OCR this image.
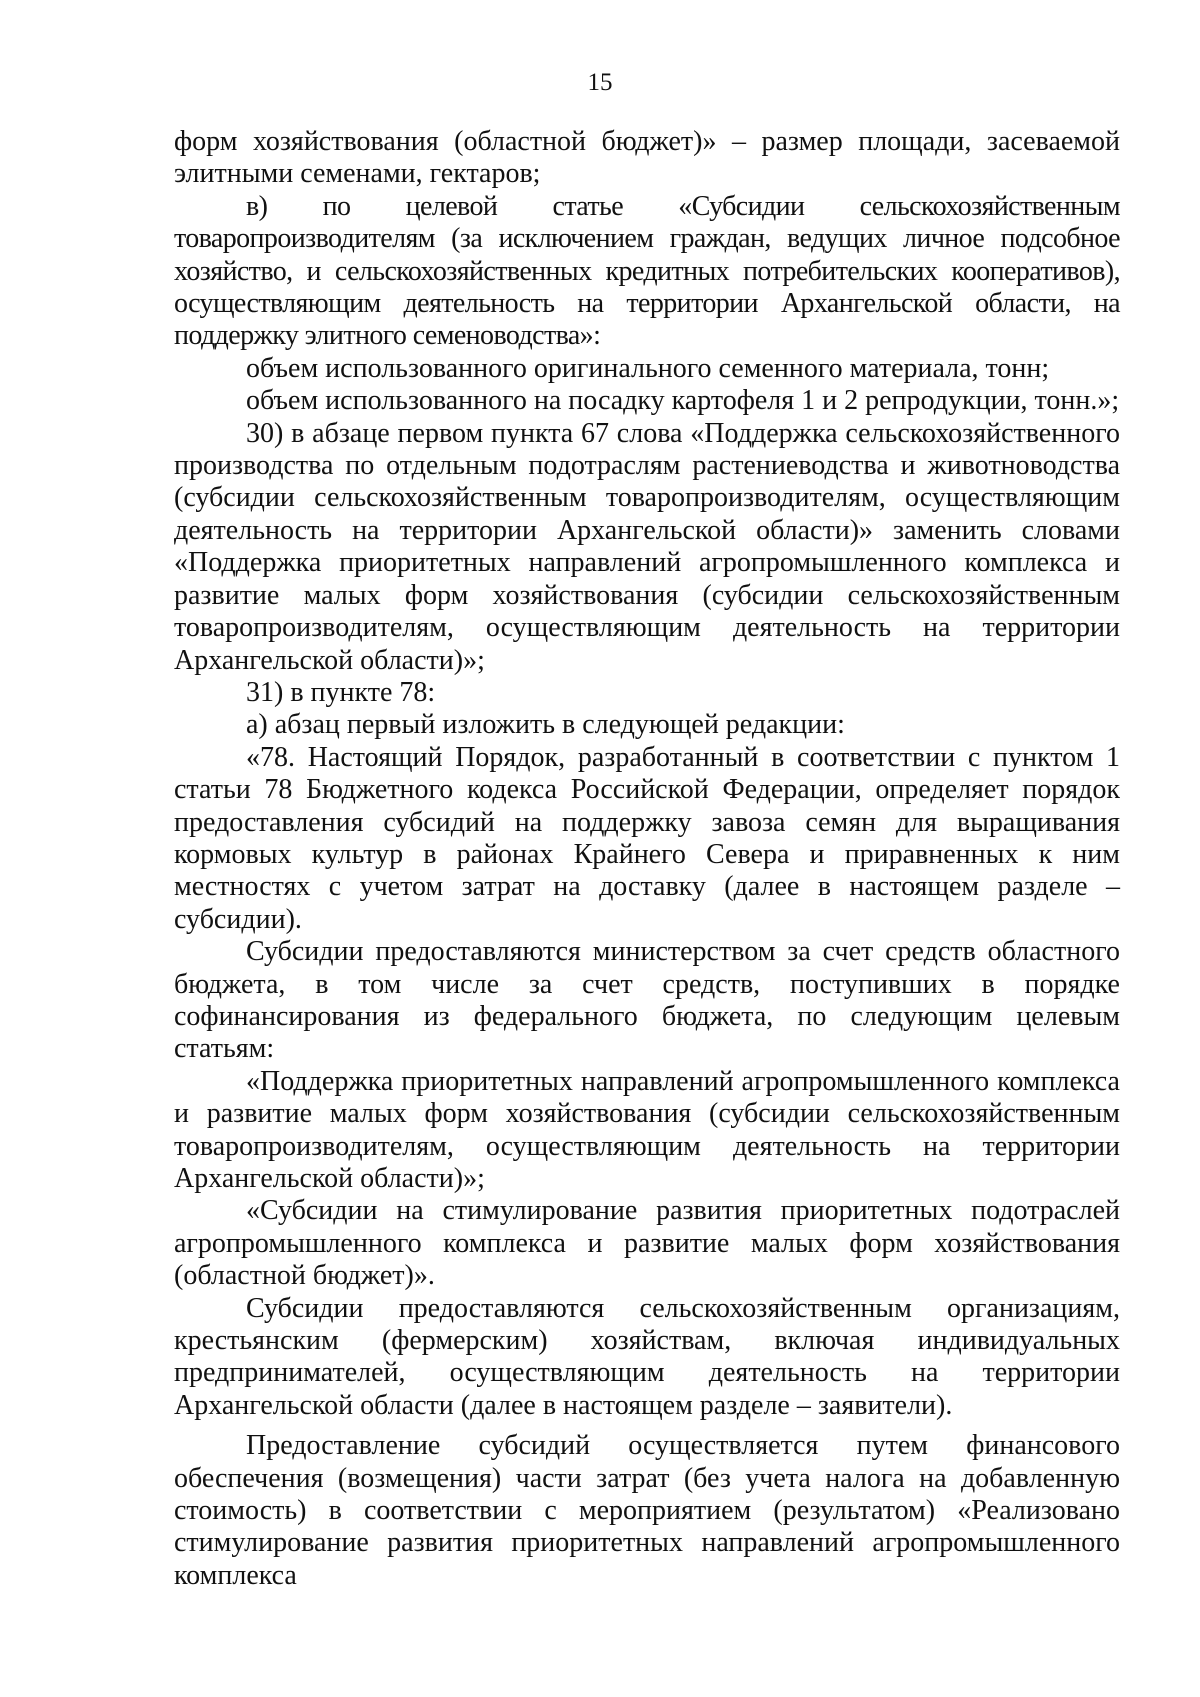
15

форм хозяйствования (областной бюджет)» – размер площади, засеваемой элитными семенами, гектаров;

в) по целевой статье «Субсидии сельскохозяйственным товаропроизводителям (за исключением граждан, ведущих личное подсобное хозяйство, и сельскохозяйственных кредитных потребительских кооперативов), осуществляющим деятельность на территории Архангельской области, на поддержку элитного семеноводства»:

объем использованного оригинального семенного материала, тонн;

объем использованного на посадку картофеля 1 и 2 репродукции, тонн.»;

30) в абзаце первом пункта 67 слова «Поддержка сельскохозяйственного производства по отдельным подотраслям растениеводства и животноводства (субсидии сельскохозяйственным товаропроизводителям, осуществляющим деятельность на территории Архангельской области)» заменить словами «Поддержка приоритетных направлений агропромышленного комплекса и развитие малых форм хозяйствования (субсидии сельскохозяйственным товаропроизводителям, осуществляющим деятельность на территории Архангельской области)»;

31) в пункте 78:

а) абзац первый изложить в следующей редакции:

«78. Настоящий Порядок, разработанный в соответствии с пунктом 1 статьи 78 Бюджетного кодекса Российской Федерации, определяет порядок предоставления субсидий на поддержку завоза семян для выращивания кормовых культур в районах Крайнего Севера и приравненных к ним местностях с учетом затрат на доставку (далее в настоящем разделе – субсидии).

Субсидии предоставляются министерством за счет средств областного бюджета, в том числе за счет средств, поступивших в порядке софинансирования из федерального бюджета, по следующим целевым статьям:

«Поддержка приоритетных направлений агропромышленного комплекса и развитие малых форм хозяйствования (субсидии сельскохозяйственным товаропроизводителям, осуществляющим деятельность на территории Архангельской области)»;

«Субсидии на стимулирование развития приоритетных подотраслей агропромышленного комплекса и развитие малых форм хозяйствования (областной бюджет)».

Субсидии предоставляются сельскохозяйственным организациям, крестьянским (фермерским) хозяйствам, включая индивидуальных предпринимателей, осуществляющим деятельность на территории Архангельской области (далее в настоящем разделе – заявители).

Предоставление субсидий осуществляется путем финансового обеспечения (возмещения) части затрат (без учета налога на добавленную стоимость) в соответствии с мероприятием (результатом) «Реализовано стимулирование развития приоритетных направлений агропромышленного комплекса
